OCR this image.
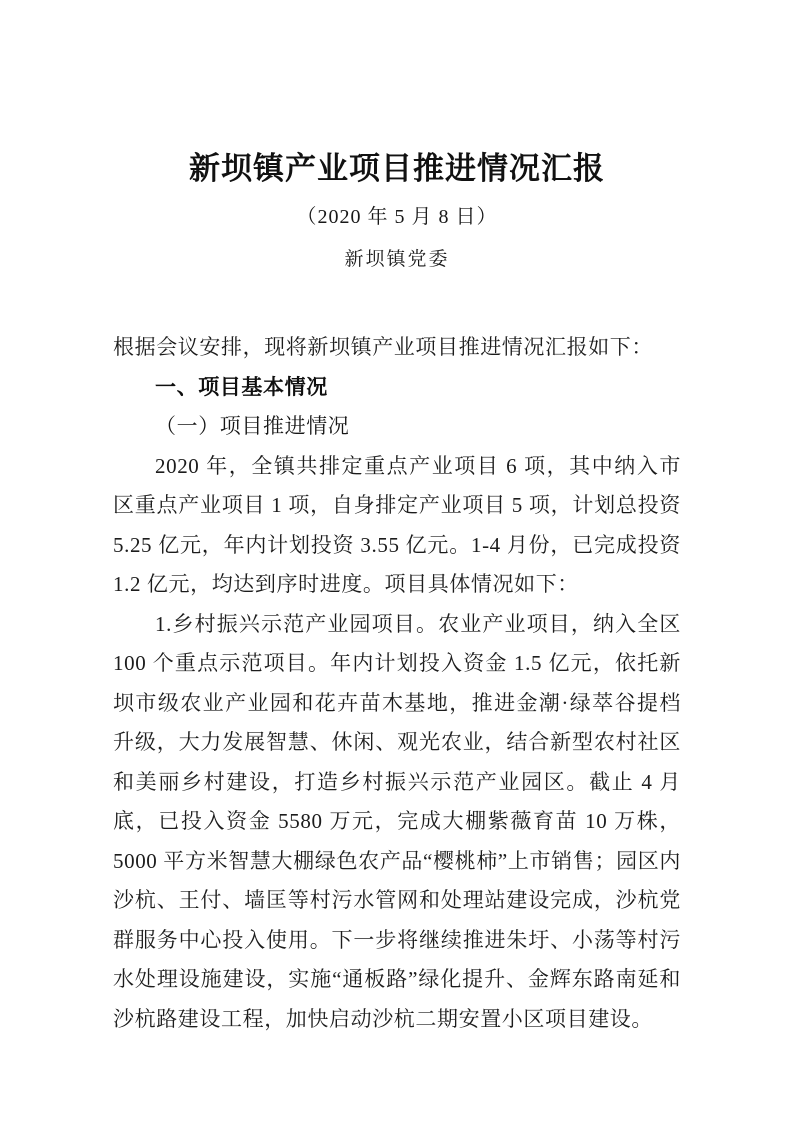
新坝镇产业项目推进情况汇报
（2020 年 5 月 8 日）
新坝镇党委

根据会议安排，现将新坝镇产业项目推进情况汇报如下：

一、项目基本情况

（一）项目推进情况

2020 年，全镇共排定重点产业项目 6 项，其中纳入市区重点产业项目 1 项，自身排定产业项目 5 项，计划总投资 5.25 亿元，年内计划投资 3.55 亿元。1-4 月份，已完成投资 1.2 亿元，均达到序时进度。项目具体情况如下：

1.乡村振兴示范产业园项目。农业产业项目，纳入全区 100 个重点示范项目。年内计划投入资金 1.5 亿元，依托新坝市级农业产业园和花卉苗木基地，推进金潮·绿萃谷提档升级，大力发展智慧、休闲、观光农业，结合新型农村社区和美丽乡村建设，打造乡村振兴示范产业园区。截止 4 月底，已投入资金 5580 万元，完成大棚紫薇育苗 10 万株，5000 平方米智慧大棚绿色农产品“樱桃柿”上市销售；园区内沙杭、王付、墙匡等村污水管网和处理站建设完成，沙杭党群服务中心投入使用。下一步将继续推进朱圩、小荡等村污水处理设施建设，实施“通板路”绿化提升、金辉东路南延和沙杭路建设工程，加快启动沙杭二期安置小区项目建设。
